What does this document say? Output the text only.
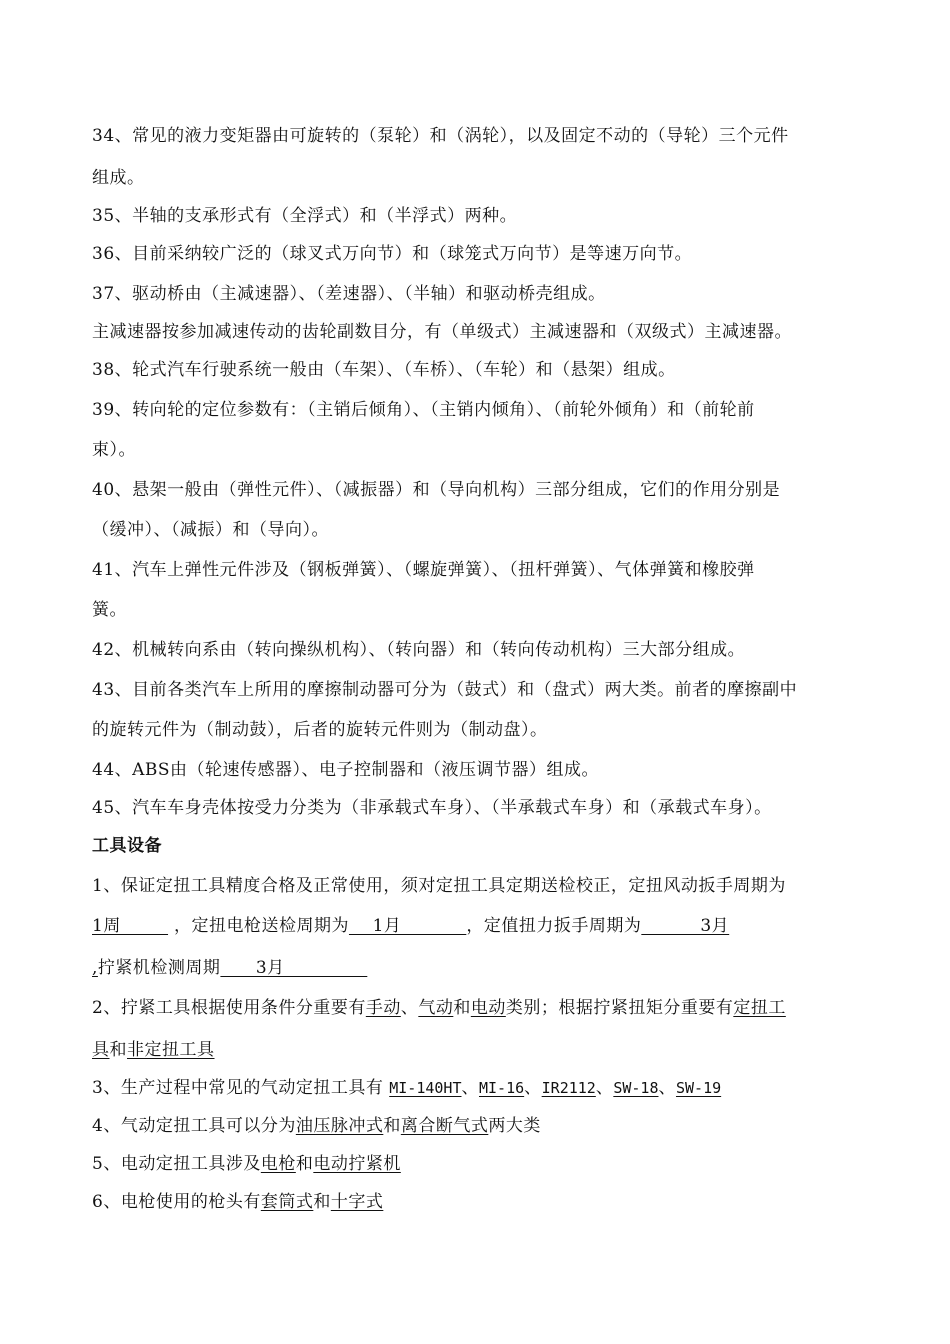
34、常见的液力变矩器由可旋转的（泵轮）和（涡轮），以及固定不动的（导轮）三个元件
组成。
35、半轴的支承形式有（全浮式）和（半浮式）两种。
36、目前采纳较广泛的（球叉式万向节）和（球笼式万向节）是等速万向节。
37、驱动桥由（主减速器）、（差速器）、（半轴）和驱动桥壳组成。
主减速器按参加减速传动的齿轮副数目分，有（单级式）主减速器和（双级式）主减速器。
38、轮式汽车行驶系统一般由（车架）、（车桥）、（车轮）和（悬架）组成。
39、转向轮的定位参数有：（主销后倾角）、（主销内倾角）、（前轮外倾角）和（前轮前
束）。
40、悬架一般由（弹性元件）、（减振器）和（导向机构）三部分组成，它们的作用分别是
（缓冲）、（减振）和（导向）。
41、汽车上弹性元件涉及（钢板弹簧）、（螺旋弹簧）、（扭杆弹簧）、气体弹簧和橡胶弹
簧。
42、机械转向系由（转向操纵机构）、（转向器）和（转向传动机构）三大部分组成。
43、目前各类汽车上所用的摩擦制动器可分为（鼓式）和（盘式）两大类。前者的摩擦副中
的旋转元件为（制动鼓），后者的旋转元件则为（制动盘）。
44、ABS由（轮速传感器）、电子控制器和（液压调节器）组成。
45、汽车车身壳体按受力分类为（非承载式车身）、（半承载式车身）和（承载式车身）。
工具设备
1、保证定扭工具精度合格及正常使用，须对定扭工具定期送检校正，定扭风动扳手周期为
1周         ，定扭电枪送检周期为    1月           ，定值扭力扳手周期为          3月
,拧紧机检测周期      3月
2、拧紧工具根据使用条件分重要有手动、气动和电动类别；根据拧紧扭矩分重要有定扭工
具和非定扭工具
3、生产过程中常见的气动定扭工具有 MI-140HT、MI-16、IR2112、SW-18、SW-19
4、气动定扭工具可以分为油压脉冲式和离合断气式两大类
5、电动定扭工具涉及电枪和电动拧紧机
6、电枪使用的枪头有套筒式和十字式
